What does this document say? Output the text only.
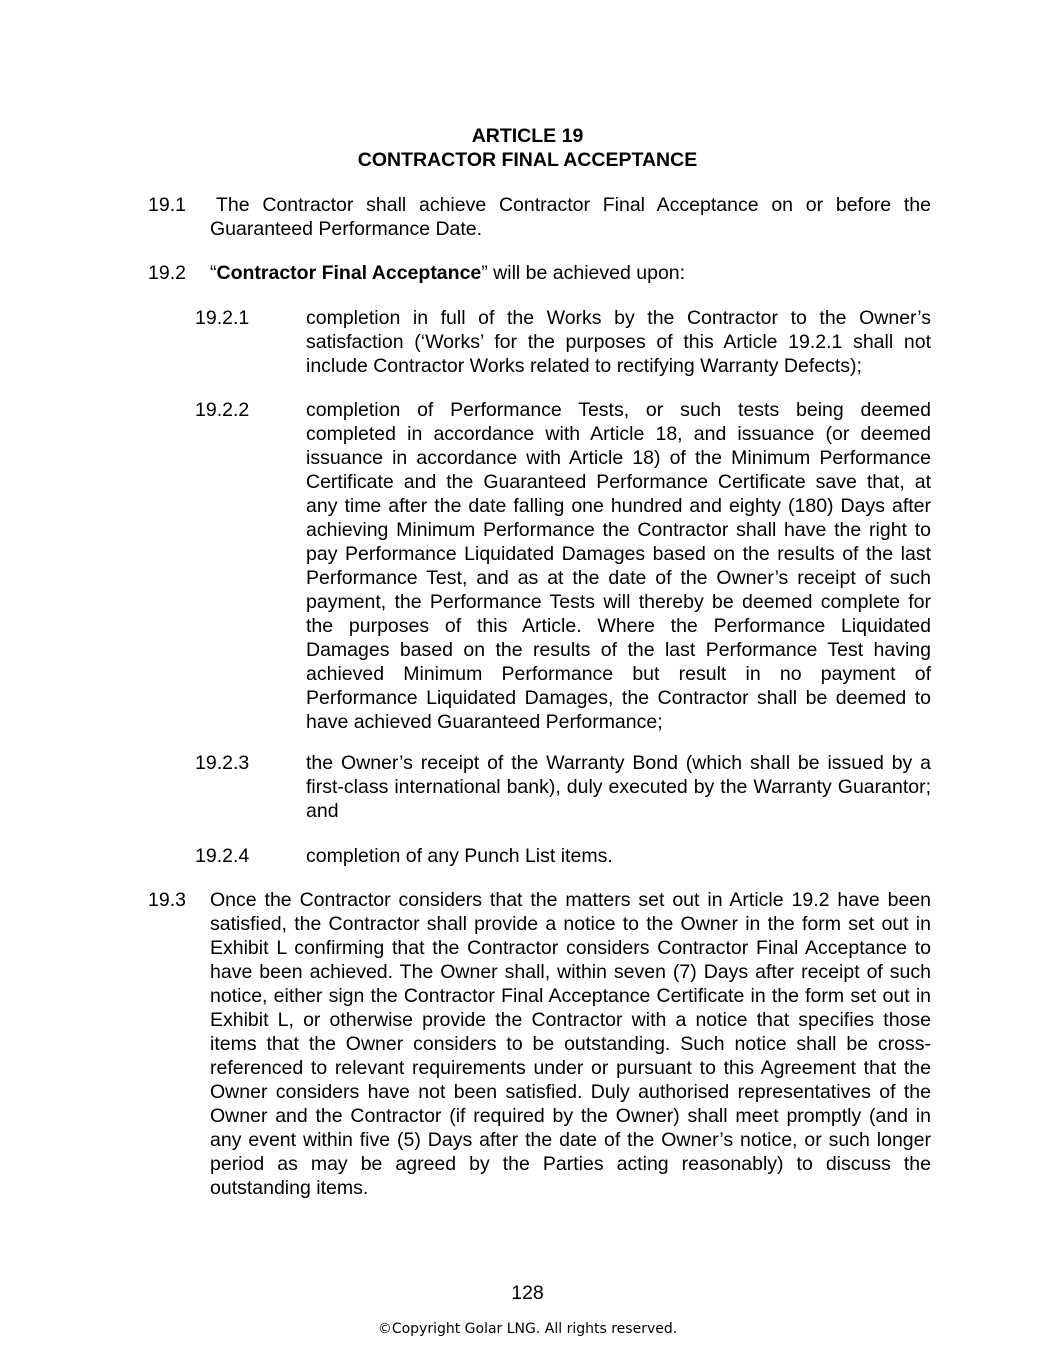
ARTICLE 19
CONTRACTOR FINAL ACCEPTANCE
19.1	The Contractor shall achieve Contractor Final Acceptance on or before the Guaranteed Performance Date.
19.2 “Contractor Final Acceptance” will be achieved upon:
19.2.1	completion in full of the Works by the Contractor to the Owner’s satisfaction (‘Works’ for the purposes of this Article 19.2.1 shall not include Contractor Works related to rectifying Warranty Defects);
19.2.2	completion of Performance Tests, or such tests being deemed completed in accordance with Article 18, and issuance (or deemed issuance in accordance with Article 18) of the Minimum Performance Certificate and the Guaranteed Performance Certificate save that, at any time after the date falling one hundred and eighty (180) Days after achieving Minimum Performance the Contractor shall have the right to pay Performance Liquidated Damages based on the results of the last Performance Test, and as at the date of the Owner’s receipt of such payment, the Performance Tests will thereby be deemed complete for the purposes of this Article. Where the Performance Liquidated Damages based on the results of the last Performance Test having achieved Minimum Performance but result in no payment of Performance Liquidated Damages, the Contractor shall be deemed to have achieved Guaranteed Performance;
19.2.3	the Owner’s receipt of the Warranty Bond (which shall be issued by a first-class international bank), duly executed by the Warranty Guarantor; and
19.2.4	completion of any Punch List items.
19.3 Once the Contractor considers that the matters set out in Article 19.2 have been satisfied, the Contractor shall provide a notice to the Owner in the form set out in Exhibit L confirming that the Contractor considers Contractor Final Acceptance to have been achieved. The Owner shall, within seven (7) Days after receipt of such notice, either sign the Contractor Final Acceptance Certificate in the form set out in Exhibit L, or otherwise provide the Contractor with a notice that specifies those items that the Owner considers to be outstanding. Such notice shall be cross-referenced to relevant requirements under or pursuant to this Agreement that the Owner considers have not been satisfied. Duly authorised representatives of the Owner and the Contractor (if required by the Owner) shall meet promptly (and in any event within five (5) Days after the date of the Owner’s notice, or such longer period as may be agreed by the Parties acting reasonably) to discuss the outstanding items.
128
©Copyright Golar LNG. All rights reserved.
